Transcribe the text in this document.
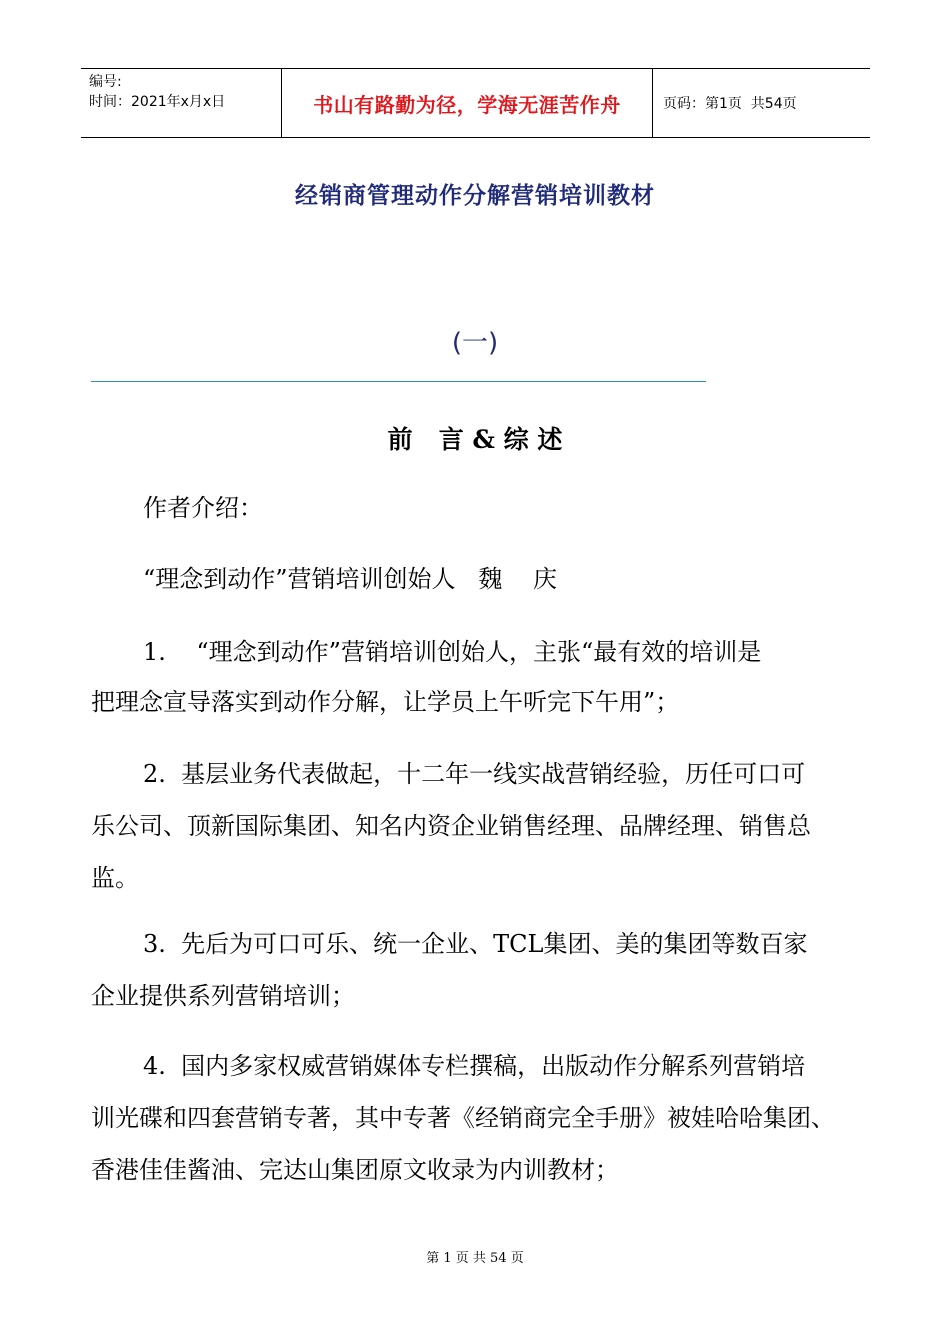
编号:
时间：2021年x月x日	书山有路勤为径，学海无涯苦作舟	页码：第1页  共54页
经销商管理动作分解营销培训教材
(一)
前   言 & 综 述
作者介绍：
“理念到动作”营销培训创始人   魏    庆
1.    “理念到动作”营销培训创始人，主张“最有效的培训是
把理念宣导落实到动作分解，让学员上午听完下午用”；
2.  基层业务代表做起，十二年一线实战营销经验，历任可口可
乐公司、顶新国际集团、知名内资企业销售经理、品牌经理、销售总
监。
3.  先后为可口可乐、统一企业、TCL集团、美的集团等数百家
企业提供系列营销培训；
4.  国内多家权威营销媒体专栏撰稿，出版动作分解系列营销培
训光碟和四套营销专著，其中专著《经销商完全手册》被娃哈哈集团、
香港佳佳酱油、完达山集团原文收录为内训教材；
第 1 页 共 54 页
